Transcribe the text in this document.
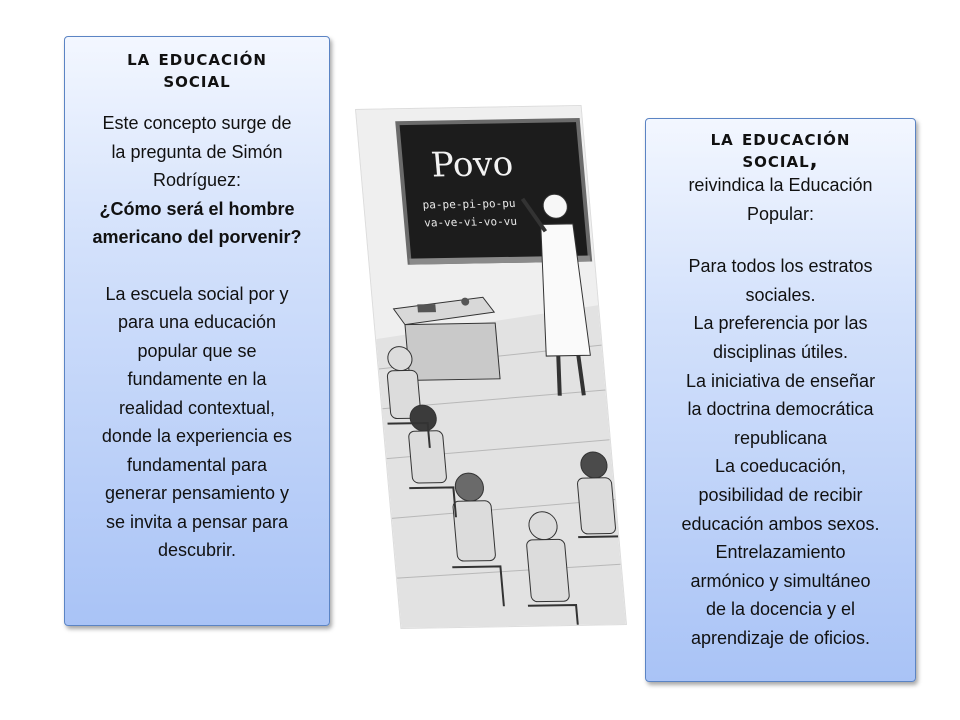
la educación
social
Este concepto surge de
la pregunta de Simón
Rodríguez:
¿Cómo será el hombre
americano del porvenir?
La escuela social por y
para una educación
popular que se
fundamente en la
realidad contextual,
donde la experiencia es
fundamental para
generar pensamiento y
se invita a pensar para
descubrir.
Povo
pa-pe-pi-po-pu
va-ve-vi-vo-vu
la educación
social,
reivindica la Educación
Popular:
Para todos los estratos
sociales.
La preferencia por las
disciplinas útiles.
La iniciativa de enseñar
la doctrina democrática
republicana
La coeducación,
posibilidad de recibir
educación ambos sexos.
Entrelazamiento
armónico y simultáneo
de la docencia y el
aprendizaje de oficios.
